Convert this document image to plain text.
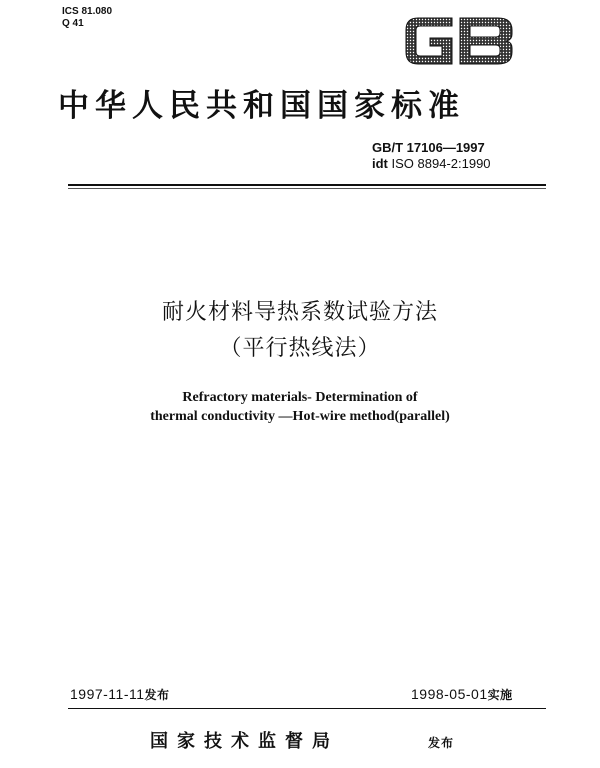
ICS 81.080
Q 41
中华人民共和国国家标准
GB/T 17106—1997
idt ISO 8894-2:1990
耐火材料导热系数试验方法
（平行热线法）
Refractory materials- Determination of
thermal conductivity —Hot-wire method(parallel)
1997-11-11发布	1998-05-01实施
国家技术监督局	发布
